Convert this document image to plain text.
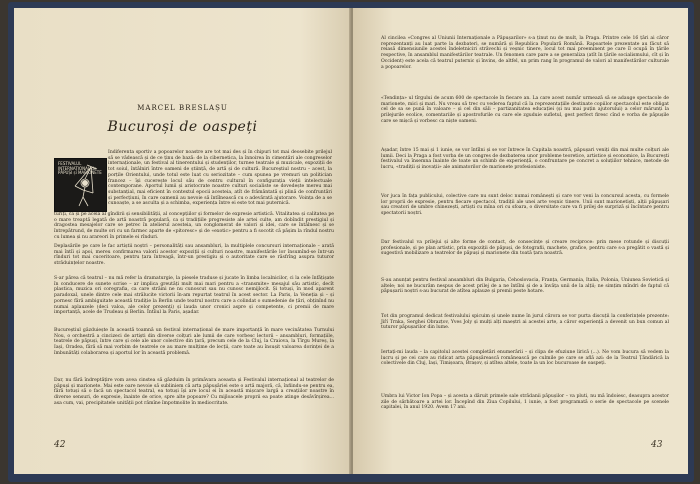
MARCEL BRESLAȘU
Bucuroși de oaspeți
FESTIVALUL INTERNAȚIONAL de PĂPUȘI și MARIONETE
Indiferenta sportiv a popoarelor noastre are tot mai des și în chipuri tot mai deosebite prilejul să se vădească și de ce ținu de bază: de la cibernetica, la înnoirea în cimentări ale congreselor internaționale, un festival al tinerentului și studenților, turnee teatrale și muzicale, expoziții de tot soiul, întâlniri între oameni de știință, de artă și de cultură. Bucureștiul nostru – acest, la porțile Orientului, unde totul este luat cu seriozitate – cum spunea pe vremuri un politician francez – își cucerește locul său de centru cultural în configurația vieții intelectuale contemporane. Aportul lumii și aristocrate noastre culturi socialiste se dovedește mereu mai substanțial, mai eficient în contextul epocii acesteia, atît de frământată și plină de confruntări și perfecțiuni, în care oamenii au nevoie să întîlnească cu o adevărată ajutorare. Voința de a se cunoaște, a se asculta și a schimba, experiența între ei este tot mai puternică.
turiți, ca și pe acela al gîndirii și sensibilității, al concepțiilor și formelor de expresie artistică. Vitalitatea și calitatea pe o mare treaptă legată de artă noastră populară, ca și tradițiile progresiste ale artei culte, am dobîndit prestigiul și dragostea mesajelor care se petrec în atelierul acesteia, un conglomerat de valori și idei, care se întâlnesc și se întrepătrund, de multe ori cu un farmec aparte de «pitoresc» și de «exotic» pentru a fi socotit că pășim la rîndul nostru cu lumea și nu arareori în primele ei rînduri.
Deplasările pe care le fac artiștii noștri – personalități sau ansambluri, la multiplele concursuri internaționale – arată mai întîi și apoi, mereu confirmarea valorii acestor expoziții și culturi noastre, manifestările lor însumînd-se într-un rînduri tot mai cuceritoare, pentru țara întreagă, într-un prestigiu și o autoritate care se răsfrîng asupra tuturor străduințelor noastre.
S-ar părea că teatrul – nu mă refer la dramaturgie, la piesele traduse și jucate în limba localnicilor, ci la cele înfățișate în conducere de sunete scrise – ar implica greutăți mult mai mari pentru a «transmite» mesajul său artistic, decît plastica, muzica ori coregrafia, ca care străini ne nu cunoscut sau nu cunosc nemijlocit. Și totuși, în mod aparent paradoxal, unele dintre cele mai strălucite victorii în-am repurtat teatrul în acest sector. La Paris, la Veneția și – și pornesc fără ambiguitate această tradiție la Berlin unde teatrul nostru care a colindat o sumedenie de țări, obținînd nu numai aplauzele (deci valoa, ale celor prezenți) și lauda unor cronici aspre și competente, ci premii de mare importanță, acele de Trudeau și Berlin. Întîiul la Paris, așadar.
Bucureștiul găzduiește în această toamnă un festival internațional de mare importanță în mare vecinătatea Turnului Nou, o orchestră a cincizeci de artiști din diverse colțuri ale lumii de care vorbesc lectorii – ansambluri, formațiile, teatrele de păpuși, între care și cele ale unor colective din țară, precum cele de la Cluj, la Craiova, la Tîrgu Mureș, la Iași, Oradea, fără să mai vorbim de teatrele ce au mare mulțime de lecții, care toate au însușit valoarea dorinței de a îmbunătăți colaborarea și aportul lor în această problemă.
Dar, nu fără îndreptățire vom avea cinstea să găzduim în primăvara aceasta și Festivalul internațional al teatrelor de păpuși și marionete. Mai este oare nevoie să subliniem că arta păpușăriei este o artă majoră, că, înfiindu-se pentru ea, fără totuși să o facă un spectacol teatral, ea totuși își are locul ei în această mișcare largă a creațiilor noastre în diverse sensuri, de expresie, înainte de orice, spre alte popoare? Cu mijloacele proprii ea poate atinge desăvîrșirea... asa cum, vai, precipitatele unității pot rămîne împotmolite în mediocritate.
42
Al cincilea «Congres al Uniunii Internaționale a Păpușarilor» s-a ținut nu de mult, la Praga. Printre cele 16 țări ai căror reprezentanți au luat parte la dezbateri, se numără și Republica Populară Română. Rapoartele prezentate au făcut să reiasă dimensiunile acestei îndeletniciri străvechi și veșnic tinere, locul tot mai preeminent pe care îl ocupă în țările respective, în ansamblul manifestărilor teatrale. Un fenomen care pare a se generaliza (atît în țările socialismului, cît și în Occident) este acela că teatrul puternic și învins, de altfel, un prim rang în programul de valori al manifestărilor culturale a popoarelor.
«Tendința» ul tîrgului de acum 600 de spectacole în fiecare an. La care acest număr urmează să se adauge spectacole de marionete, mici și mari. Nu vreau să trec cu vederea faptul că la reprezentațiile destinate copiilor spectacolul este obligat cel de sa se pună în valoare – și cel din săli – partizanitatea educației (și nu mai puțin ajutorului) a celor mărunți la prilejurile ecolice, comentariile și apostrofurile cu care ele zguduie sufletul, gest perfect firesc cînd e vorba de păpușile care se mișcă și vorbesc ca niște oameni.
Așadar, între 15 mai și 1 iunie, se vor întîlni și se vor întrece în Capitala noastră, păpușari veniți din mai multe colțuri ale lumii. Deci la Praga a fost vorba de un congres de dezbaterea unor probleme teoretice, artistice și economice, la București festivalul va însemna înainte de toate un schimb de experiență, o confruntare pe concret a soluțiilor tehnice, metode de lucru, «tradiții și inovații» ale animatorilor de marionete profesioniste.
Vor juca în fața publicului, colective care nu sunt deloc numai românești și care vor veni la concursul acesta, cu formele lor proprii de expresie, pentru fiecare spectacol, tradiții ale unei arte veșnic tinere. Unii sunt marionetiști, alții păpușari sau creatori de umbre chinezești, artiști cu mîna ori cu sfoara, o diversitate care va fi prilej de surpriză și încîntare pentru spectatorii noștri.
Dar festivalul va prilejui și alte forme de contact, de consecințe și creare reciproce: prin mese rotunde și discuții profesionale, și pe plan artistic, prin expoziții de păpuși, de fotografii, machete, grafice, pentru care s-a pregătit o vastă și sugestivă mobilizare a teatrelor de păpuși și marionete din toată țara noastră.
S-au anunțat pentru festival ansambluri din Bulgaria, Cehoslovacia, Franța, Germania, Italia, Polonia, Uniunea Sovietică și altele; noi ne bucurăm nespus de acest prilej de a ne întîlni și de a învăța unii de la alții; ne simțim mîndri de faptul că păpușarii noștri s-au bucurat de atîtea aplauze și premii peste hotare.
Tot din programul dedicat festivalului spicuim și unele nume în jurul cărora se vor purta discuții la conferințele prezente: Jiří Trnka, Serghei Obrazțov, Yves Joly și mulți alți maeștri ai acestei arte, a căror experiență a devenit un bun comun al tuturor păpușarilor din lume.
Iertați-mi lauda – la capitolul acestei completări enumerării – și clipa de efuziune lirică (...). Ne vom bucura să vedem la lucru și pe cei care au ridicat arta păpușărească românească pe culmile pe care se află azi: de la Teatrul Țăndărică la colectivele din Cluj, Iași, Timișoara, Brașov, și atîtea altele, toate la un loc bucuroase de oaspeți.
Umbra lui Victor Ion Popa – și acesta a dăruit primele sale strădanii păpușilor – va pluti, nu mă îndoiesc, deasupra acestor zile de sărbătoare a artei lor. Începînd din Ziua Copilului, 1 iunie, a fost programată o serie de spectacole pe scenele capitalei, în anul 1920. Avem 17 ani.
43
